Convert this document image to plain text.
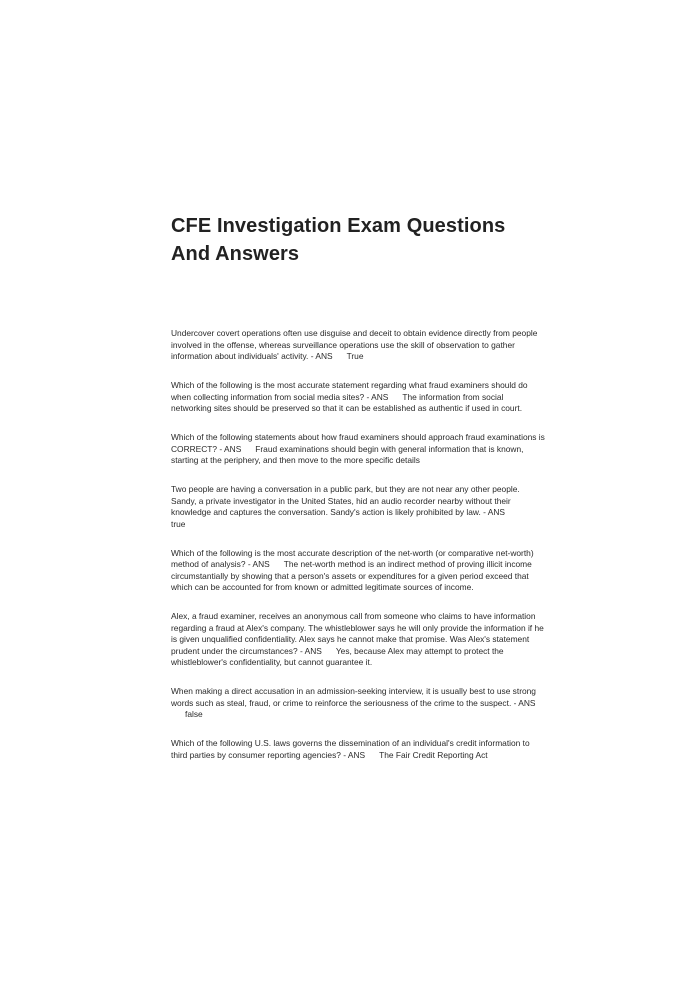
CFE Investigation Exam Questions And Answers

Undercover covert operations often use disguise and deceit to obtain evidence directly from people involved in the offense, whereas surveillance operations use the skill of observation to gather information about individuals' activity. - ANS True

Which of the following is the most accurate statement regarding what fraud examiners should do when collecting information from social media sites? - ANS The information from social networking sites should be preserved so that it can be established as authentic if used in court.

Which of the following statements about how fraud examiners should approach fraud examinations is CORRECT? - ANS Fraud examinations should begin with general information that is known, starting at the periphery, and then move to the more specific details

Two people are having a conversation in a public park, but they are not near any other people. Sandy, a private investigator in the United States, hid an audio recorder nearby without their knowledge and captures the conversation. Sandy's action is likely prohibited by law. - ANS
true

Which of the following is the most accurate description of the net-worth (or comparative net-worth) method of analysis? - ANS The net-worth method is an indirect method of proving illicit income circumstantially by showing that a person's assets or expenditures for a given period exceed that which can be accounted for from known or admitted legitimate sources of income.

Alex, a fraud examiner, receives an anonymous call from someone who claims to have information regarding a fraud at Alex's company. The whistleblower says he will only provide the information if he is given unqualified confidentiality. Alex says he cannot make that promise. Was Alex's statement prudent under the circumstances? - ANS Yes, because Alex may attempt to protect the whistleblower's confidentiality, but cannot guarantee it.

When making a direct accusation in an admission-seeking interview, it is usually best to use strong words such as steal, fraud, or crime to reinforce the seriousness of the crime to the suspect. - ANSfalse

Which of the following U.S. laws governs the dissemination of an individual's credit information to third parties by consumer reporting agencies? - ANS The Fair Credit Reporting Act
